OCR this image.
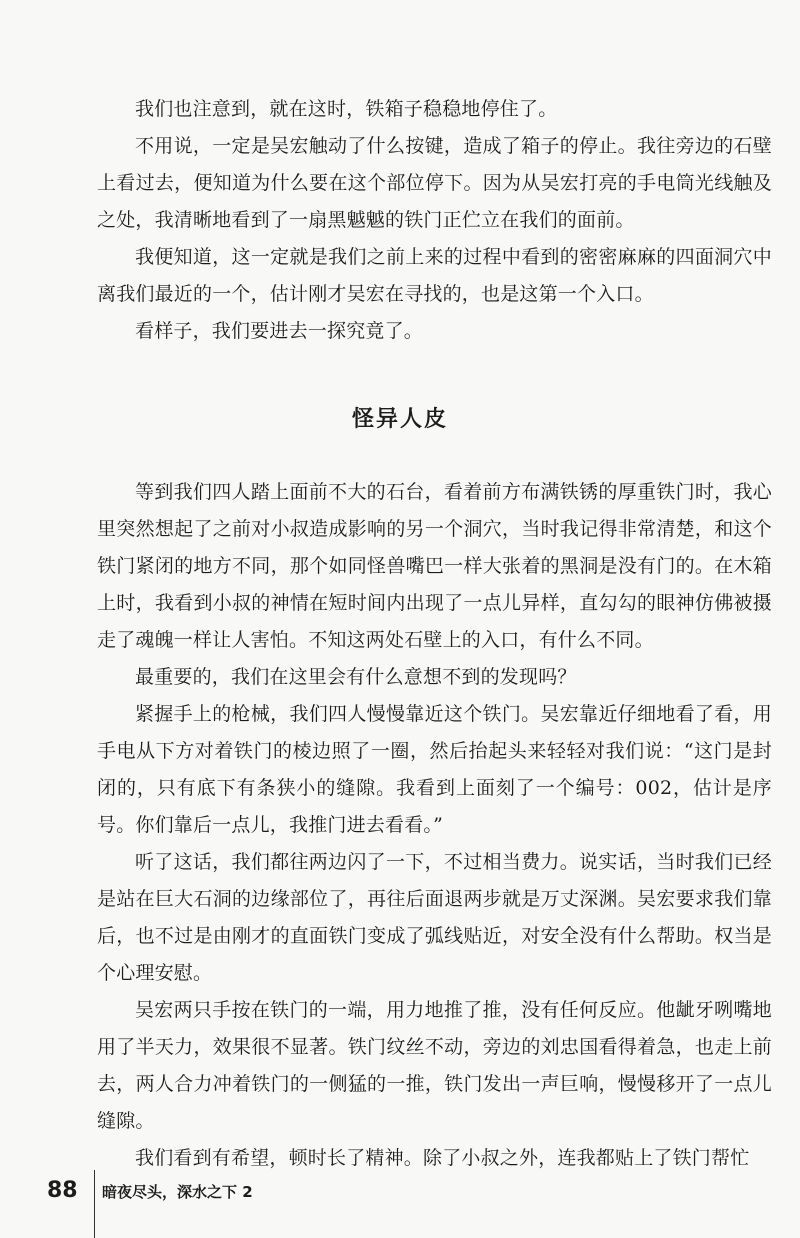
我们也注意到，就在这时，铁箱子稳稳地停住了。

不用说，一定是吴宏触动了什么按键，造成了箱子的停止。我往旁边的石壁上看过去，便知道为什么要在这个部位停下。因为从吴宏打亮的手电筒光线触及之处，我清晰地看到了一扇黑魆魆的铁门正伫立在我们的面前。

我便知道，这一定就是我们之前上来的过程中看到的密密麻麻的四面洞穴中离我们最近的一个，估计刚才吴宏在寻找的，也是这第一个入口。

看样子，我们要进去一探究竟了。

怪异人皮

等到我们四人踏上面前不大的石台，看着前方布满铁锈的厚重铁门时，我心里突然想起了之前对小叔造成影响的另一个洞穴，当时我记得非常清楚，和这个铁门紧闭的地方不同，那个如同怪兽嘴巴一样大张着的黑洞是没有门的。在木箱上时，我看到小叔的神情在短时间内出现了一点儿异样，直勾勾的眼神仿佛被摄走了魂魄一样让人害怕。不知这两处石壁上的入口，有什么不同。

最重要的，我们在这里会有什么意想不到的发现吗？

紧握手上的枪械，我们四人慢慢靠近这个铁门。吴宏靠近仔细地看了看，用手电从下方对着铁门的棱边照了一圈，然后抬起头来轻轻对我们说：“这门是封闭的，只有底下有条狭小的缝隙。我看到上面刻了一个编号：002，估计是序号。你们靠后一点儿，我推门进去看看。”

听了这话，我们都往两边闪了一下，不过相当费力。说实话，当时我们已经是站在巨大石洞的边缘部位了，再往后面退两步就是万丈深渊。吴宏要求我们靠后，也不过是由刚才的直面铁门变成了弧线贴近，对安全没有什么帮助。权当是个心理安慰。

吴宏两只手按在铁门的一端，用力地推了推，没有任何反应。他龇牙咧嘴地用了半天力，效果很不显著。铁门纹丝不动，旁边的刘忠国看得着急，也走上前去，两人合力冲着铁门的一侧猛的一推，铁门发出一声巨响，慢慢移开了一点儿缝隙。

我们看到有希望，顿时长了精神。除了小叔之外，连我都贴上了铁门帮忙

88 暗夜尽头，深水之下 2
